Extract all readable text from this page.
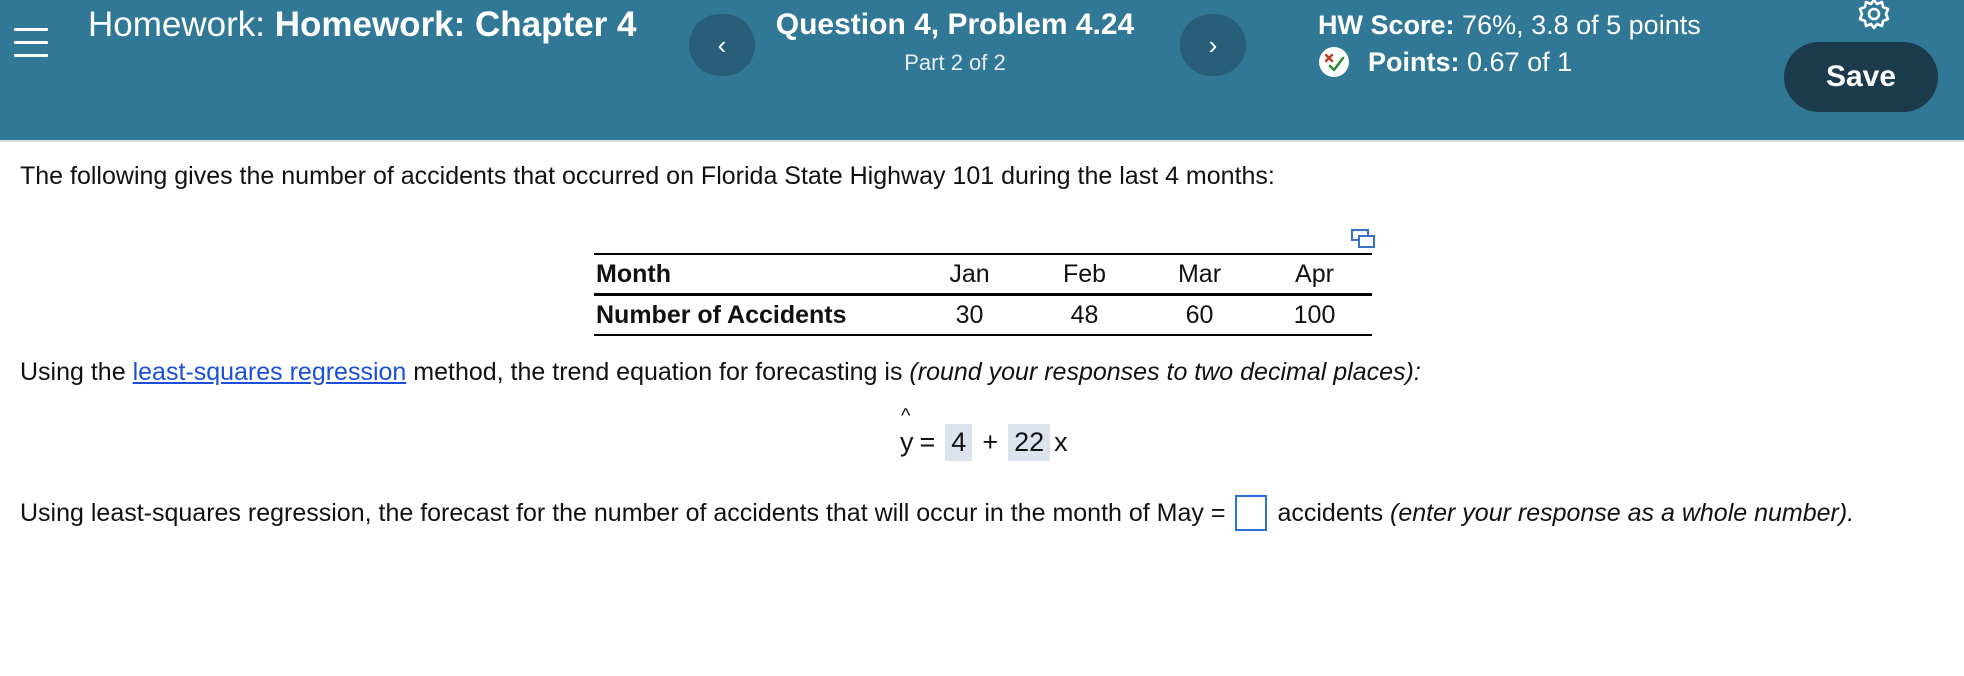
Homework: Homework: Chapter 4
‹
Question 4, Problem 4.24
Part 2 of 2
›
HW Score: 76%, 3.8 of 5 points
Points:
0.67 of 1	Save
The following gives the number of accidents that occurred on Florida State Highway 101 during the last 4 months:
Month	Jan	Feb	Mar	Apr
Number of Accidents	30	48	60	100
Using the least-squares regression method, the trend equation for forecasting is (round your responses to two decimal places):
^
y = 4 + 22 x
Using least-squares regression, the forecast for the number of accidents that will occur in the month of May = accidents
(enter your response as a whole number).
